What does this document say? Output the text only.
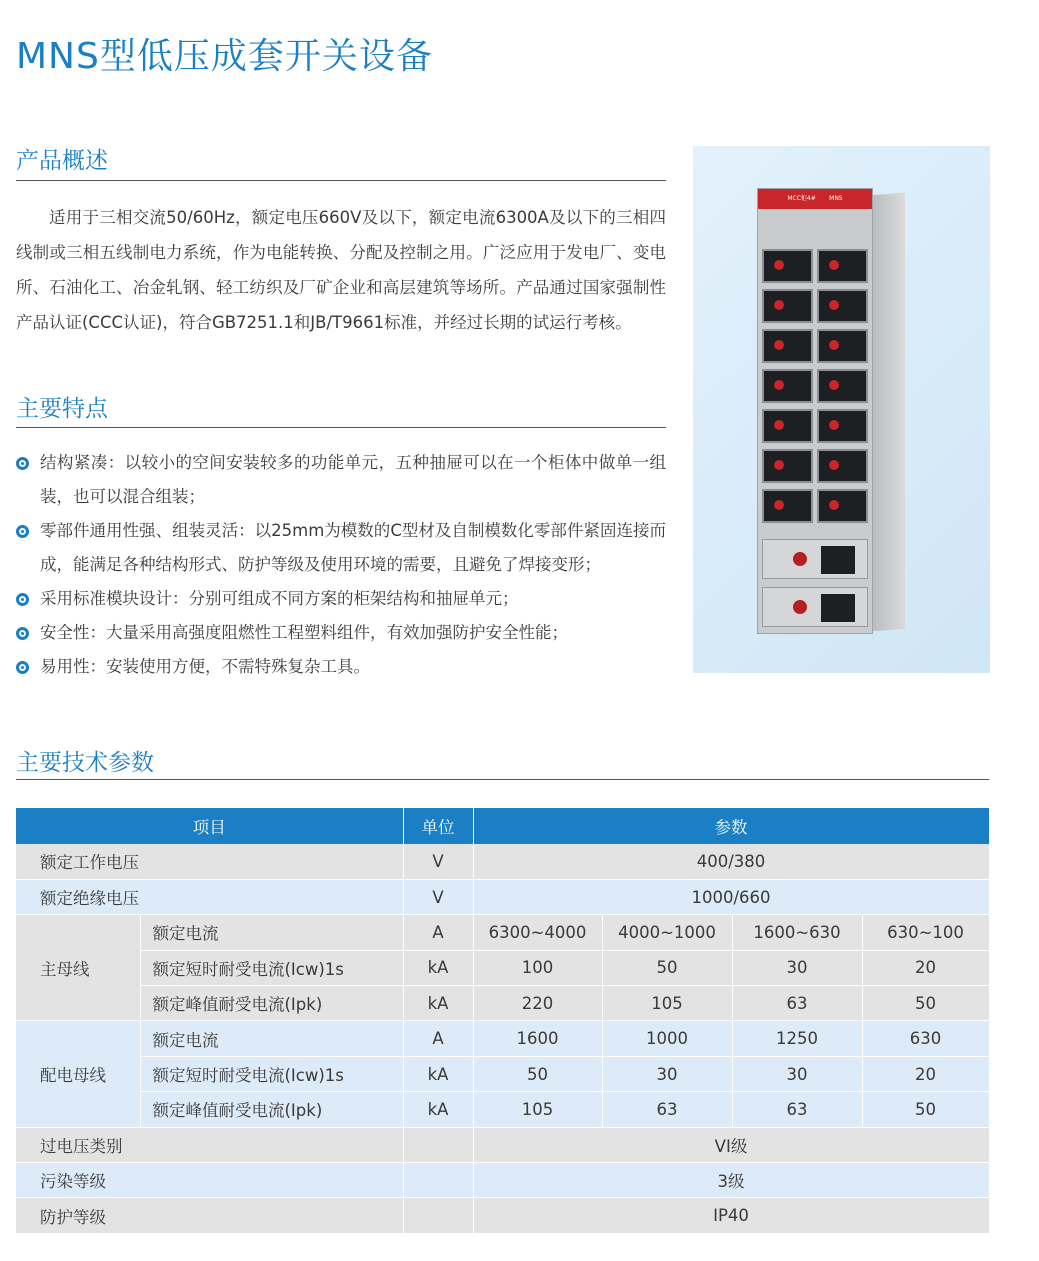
MNS型低压成套开关设备
产品概述

适用于三相交流50/60Hz，额定电压660V及以下，额定电流6300A及以下的三相四线制或三相五线制电力系统，作为电能转换、分配及控制之用。广泛应用于发电厂、变电所、石油化工、冶金轧钢、轻工纺织及厂矿企业和高层建筑等场所。产品通过国家强制性产品认证(CCC认证)，符合GB7251.1和JB/T9661标准，并经过长期的试运行考核。

主要特点
结构紧凑：以较小的空间安装较多的功能单元，五种抽屉可以在一个柜体中做单一组装，也可以混合组装；
零部件通用性强、组装灵活：以25mm为模数的C型材及自制模数化零部件紧固连接而成，能满足各种结构形式、防护等级及使用环境的需要，且避免了焊接变形；
采用标准模块设计：分别可组成不同方案的柜架结构和抽屉单元；
安全性：大量采用高强度阻燃性工程塑料组件，有效加强防护安全性能；
易用性：安装使用方便，不需特殊复杂工具。
MCC柜4# MNS
主要技术参数
项目		单位	参数			
额定工作电压		V	400/380			
额定绝缘电压		V	1000/660			
主母线	额定电流	A	6300~4000	4000~1000	1600~630	630~100
	额定短时耐受电流(Icw)1s	kA	100	50	30	20
	额定峰值耐受电流(Ipk)	kA	220	105	63	50
配电母线	额定电流	A	1600	1000	1250	630
	额定短时耐受电流(Icw)1s	kA	50	30	30	20
	额定峰值耐受电流(Ipk)	kA	105	63	63	50
过电压类别			VI级			
污染等级			3级			
防护等级			IP40			
